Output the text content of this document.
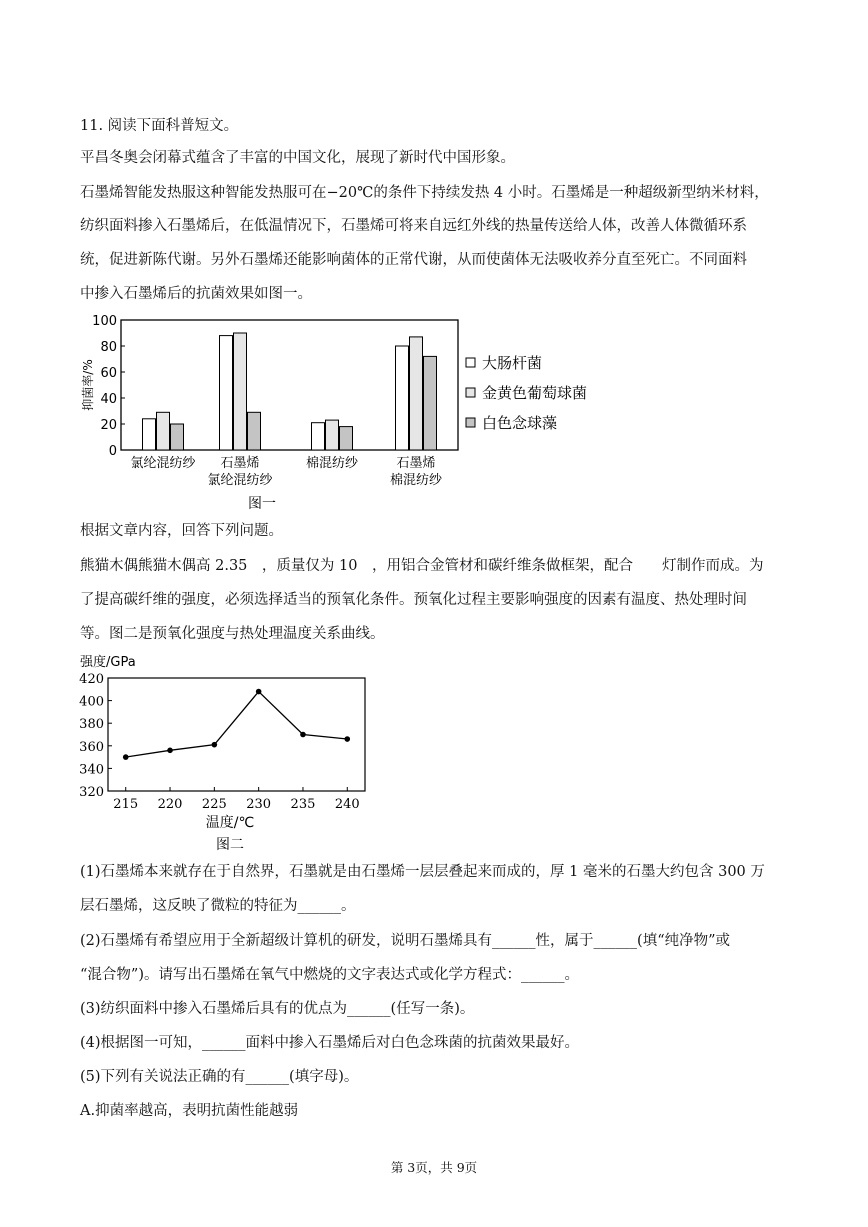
11. 阅读下面科普短文。
平昌冬奥会闭幕式蕴含了丰富的中国文化，展现了新时代中国形象。
石墨烯智能发热服这种智能发热服可在−20℃的条件下持续发热 4 小时。石墨烯是一种超级新型纳米材料，
纺织面料掺入石墨烯后，在低温情况下，石墨烯可将来自远红外线的热量传送给人体，改善人体微循环系
统，促进新陈代谢。另外石墨烯还能影响菌体的正常代谢，从而使菌体无法吸收养分直至死亡。不同面料
中掺入石墨烯后的抗菌效果如图一。
0
20
40
60
80
100
抑菌率/%
氯纶混纺纱 石墨烯
氯纶混纺纱
棉混纺纱	石墨烯
棉混纺纱
大肠杆菌
金黄色葡萄球菌
白色念球藻
图一
根据文章内容，回答下列问题。
熊猫木偶熊猫木偶高 2.35　，质量仅为 10　，用铝合金管材和碳纤维条做框架，配合　　灯制作而成。为
了提高碳纤维的强度，必须选择适当的预氧化条件。预氧化过程主要影响强度的因素有温度、热处理时间
等。图二是预氧化强度与热处理温度关系曲线。
强度/GPa
320
340
360
380
400
420
215 220 225 230 235 240
温度/℃
图二
(1)石墨烯本来就存在于自然界，石墨就是由石墨烯一层层叠起来而成的，厚 1 毫米的石墨大约包含 300 万
层石墨烯，这反映了微粒的特征为______。
(2)石墨烯有希望应用于全新超级计算机的研发，说明石墨烯具有______性，属于______(填“纯净物”或
“混合物”)。请写出石墨烯在氧气中燃烧的文字表达式或化学方程式：______。
(3)纺织面料中掺入石墨烯后具有的优点为______(任写一条)。
(4)根据图一可知，______面料中掺入石墨烯后对白色念珠菌的抗菌效果最好。
(5)下列有关说法正确的有______(填字母)。
A.抑菌率越高，表明抗菌性能越弱
第 3页，共 9页
